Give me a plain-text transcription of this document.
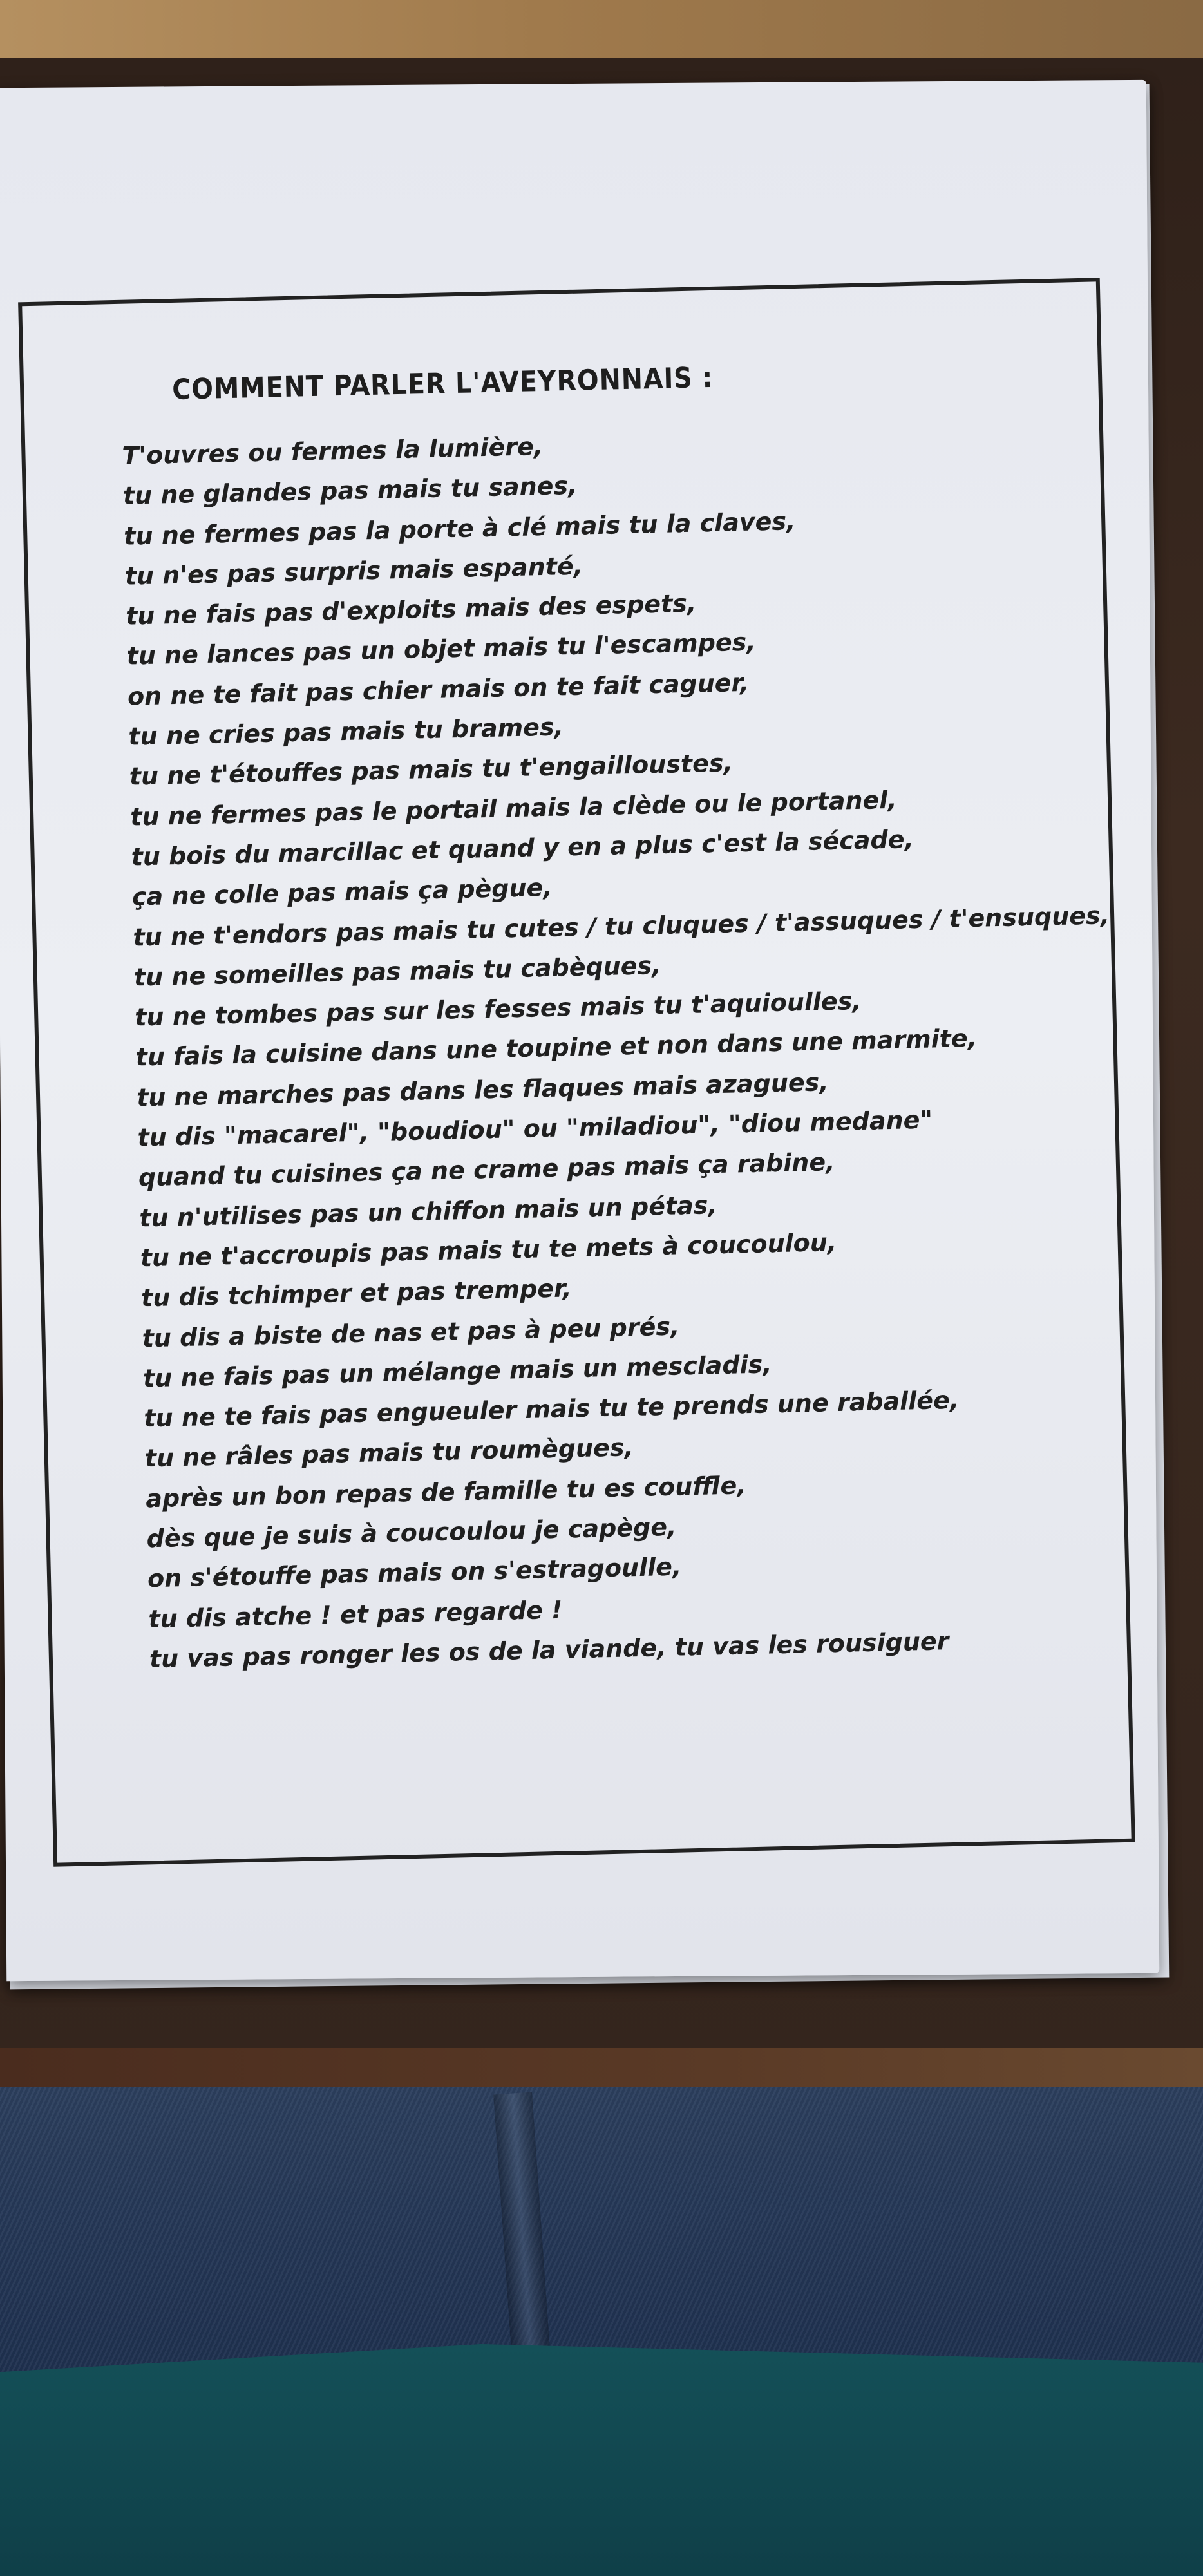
COMMENT PARLER L'AVEYRONNAIS :
T'ouvres ou fermes la lumière,
tu ne glandes pas mais tu sanes,
tu ne fermes pas la porte à clé mais tu la claves,
tu n'es pas surpris mais espanté,
tu ne fais pas d'exploits mais des espets,
tu ne lances pas un objet mais tu l'escampes,
on ne te fait pas chier mais on te fait caguer,
tu ne cries pas mais tu brames,
tu ne t'étouffes pas mais tu t'engailloustes,
tu ne fermes pas le portail mais la clède ou le portanel,
tu bois du marcillac et quand y en a plus c'est la sécade,
ça ne colle pas mais ça pègue,
tu ne t'endors pas mais tu cutes / tu cluques / t'assuques / t'ensuques,
tu ne someilles pas mais tu cabèques,
tu ne tombes pas sur les fesses mais tu t'aquioulles,
tu fais la cuisine dans une toupine et non dans une marmite,
tu ne marches pas dans les flaques mais azagues,
tu dis "macarel", "boudiou" ou "miladiou", "diou medane"
quand tu cuisines ça ne crame pas mais ça rabine,
tu n'utilises pas un chiffon mais un pétas,
tu ne t'accroupis pas mais tu te mets à coucoulou,
tu dis tchimper et pas tremper,
tu dis a biste de nas et pas à peu prés,
tu ne fais pas un mélange mais un mescladis,
tu ne te fais pas engueuler mais tu te prends une raballée,
tu ne râles pas mais tu roumègues,
après un bon repas de famille tu es couffle,
dès que je suis à coucoulou je capège,
on s'étouffe pas mais on s'estragoulle,
tu dis atche ! et pas regarde !
tu vas pas ronger les os de la viande, tu vas les rousiguer
